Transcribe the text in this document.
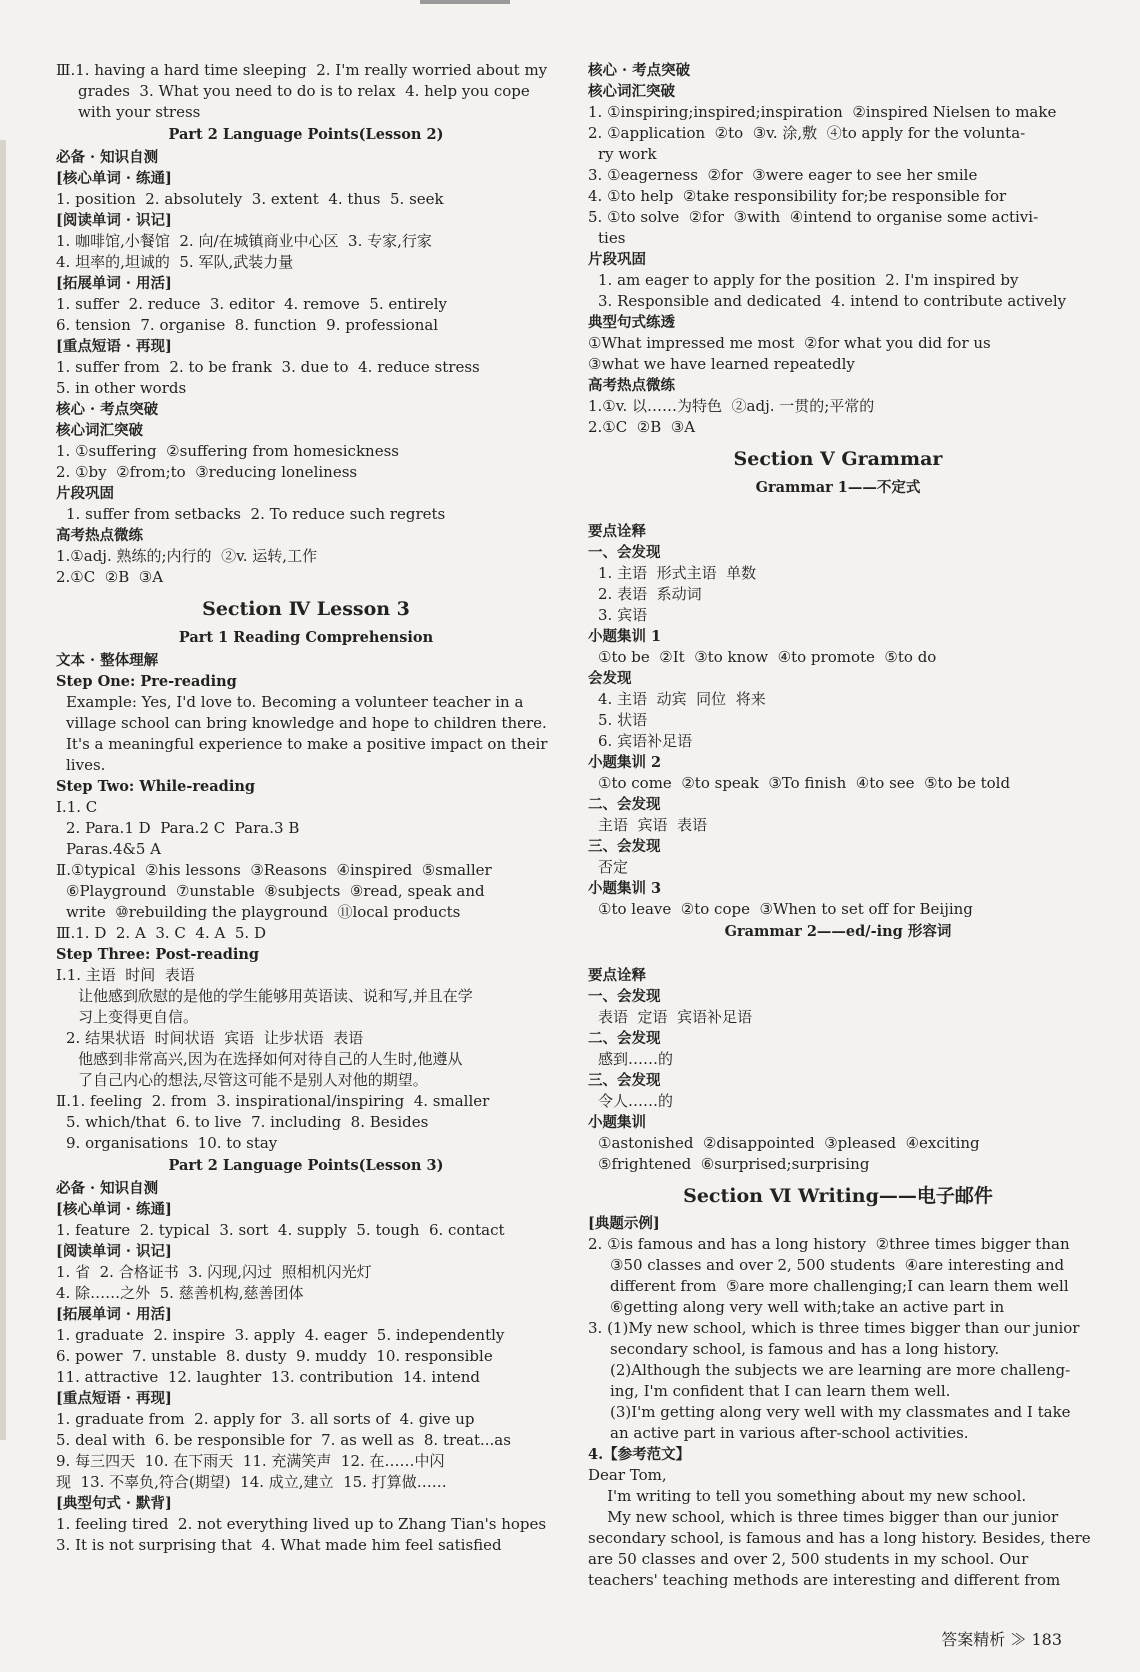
Ⅲ.1. having a hard time sleeping  2. I'm really worried about my
grades  3. What you need to do is to relax  4. help you cope
with your stress
Part 2 Language Points(Lesson 2)
必备 · 知识自测
[核心单词 · 练通]
1. position  2. absolutely  3. extent  4. thus  5. seek
[阅读单词 · 识记]
1. 咖啡馆,小餐馆  2. 向/在城镇商业中心区  3. 专家,行家
4. 坦率的,坦诚的  5. 军队,武装力量
[拓展单词 · 用活]
1. suffer  2. reduce  3. editor  4. remove  5. entirely
6. tension  7. organise  8. function  9. professional
[重点短语 · 再现]
1. suffer from  2. to be frank  3. due to  4. reduce stress
5. in other words
核心 · 考点突破
核心词汇突破
1. ①suffering  ②suffering from homesickness
2. ①by  ②from;to  ③reducing loneliness
片段巩固
1. suffer from setbacks  2. To reduce such regrets
高考热点微练
1.①adj. 熟练的;内行的  ②v. 运转,工作
2.①C  ②B  ③A
Section Ⅳ Lesson 3
Part 1 Reading Comprehension
文本 · 整体理解
Step One: Pre-reading
Example: Yes, I'd love to. Becoming a volunteer teacher in a
village school can bring knowledge and hope to children there.
It's a meaningful experience to make a positive impact on their
lives.
Step Two: While-reading
Ⅰ.1. C
2. Para.1 D  Para.2 C  Para.3 B
Paras.4&5 A
Ⅱ.①typical  ②his lessons  ③Reasons  ④inspired  ⑤smaller
⑥Playground  ⑦unstable  ⑧subjects  ⑨read, speak and
write  ⑩rebuilding the playground  ⑪local products
Ⅲ.1. D  2. A  3. C  4. A  5. D
Step Three: Post-reading
Ⅰ.1. 主语  时间  表语
让他感到欣慰的是他的学生能够用英语读、说和写,并且在学
习上变得更自信。
2. 结果状语  时间状语  宾语  让步状语  表语
他感到非常高兴,因为在选择如何对待自己的人生时,他遵从
了自己内心的想法,尽管这可能不是别人对他的期望。
Ⅱ.1. feeling  2. from  3. inspirational/inspiring  4. smaller
5. which/that  6. to live  7. including  8. Besides
9. organisations  10. to stay
Part 2 Language Points(Lesson 3)
必备 · 知识自测
[核心单词 · 练通]
1. feature  2. typical  3. sort  4. supply  5. tough  6. contact
[阅读单词 · 识记]
1. 省  2. 合格证书  3. 闪现,闪过  照相机闪光灯
4. 除……之外  5. 慈善机构,慈善团体
[拓展单词 · 用活]
1. graduate  2. inspire  3. apply  4. eager  5. independently
6. power  7. unstable  8. dusty  9. muddy  10. responsible
11. attractive  12. laughter  13. contribution  14. intend
[重点短语 · 再现]
1. graduate from  2. apply for  3. all sorts of  4. give up
5. deal with  6. be responsible for  7. as well as  8. treat...as
9. 每三四天  10. 在下雨天  11. 充满笑声  12. 在……中闪
现  13. 不辜负,符合(期望)  14. 成立,建立  15. 打算做……
[典型句式 · 默背]
1. feeling tired  2. not everything lived up to Zhang Tian's hopes
3. It is not surprising that  4. What made him feel satisfied
核心 · 考点突破
核心词汇突破
1. ①inspiring;inspired;inspiration  ②inspired Nielsen to make
2. ①application  ②to  ③v. 涂,敷  ④to apply for the volunta-
ry work
3. ①eagerness  ②for  ③were eager to see her smile
4. ①to help  ②take responsibility for;be responsible for
5. ①to solve  ②for  ③with  ④intend to organise some activi-
ties
片段巩固
1. am eager to apply for the position  2. I'm inspired by
3. Responsible and dedicated  4. intend to contribute actively
典型句式练透
①What impressed me most  ②for what you did for us
③what we have learned repeatedly
高考热点微练
1.①v. 以……为特色  ②adj. 一贯的;平常的
2.①C  ②B  ③A
Section Ⅴ Grammar
Grammar 1——不定式

要点诠释
一、会发现
1. 主语  形式主语  单数
2. 表语  系动词
3. 宾语
小题集训 1
①to be  ②It  ③to know  ④to promote  ⑤to do
会发现
4. 主语  动宾  同位  将来
5. 状语
6. 宾语补足语
小题集训 2
①to come  ②to speak  ③To finish  ④to see  ⑤to be told
二、会发现
主语  宾语  表语
三、会发现
否定
小题集训 3
①to leave  ②to cope  ③When to set off for Beijing
Grammar 2——ed/-ing 形容词

要点诠释
一、会发现
表语  定语  宾语补足语
二、会发现
感到……的
三、会发现
令人……的
小题集训
①astonished  ②disappointed  ③pleased  ④exciting
⑤frightened  ⑥surprised;surprising
Section Ⅵ Writing——电子邮件
[典题示例]
2. ①is famous and has a long history  ②three times bigger than
③50 classes and over 2, 500 students  ④are interesting and
different from  ⑤are more challenging;I can learn them well
⑥getting along very well with;take an active part in
3. (1)My new school, which is three times bigger than our junior
secondary school, is famous and has a long history.
(2)Although the subjects we are learning are more challeng-
ing, I'm confident that I can learn them well.
(3)I'm getting along very well with my classmates and I take
an active part in various after-school activities.
4.【参考范文】
Dear Tom,
I'm writing to tell you something about my new school.
My new school, which is three times bigger than our junior
secondary school, is famous and has a long history. Besides, there
are 50 classes and over 2, 500 students in my school. Our
teachers' teaching methods are interesting and different from
答案精析 ≫ 183
